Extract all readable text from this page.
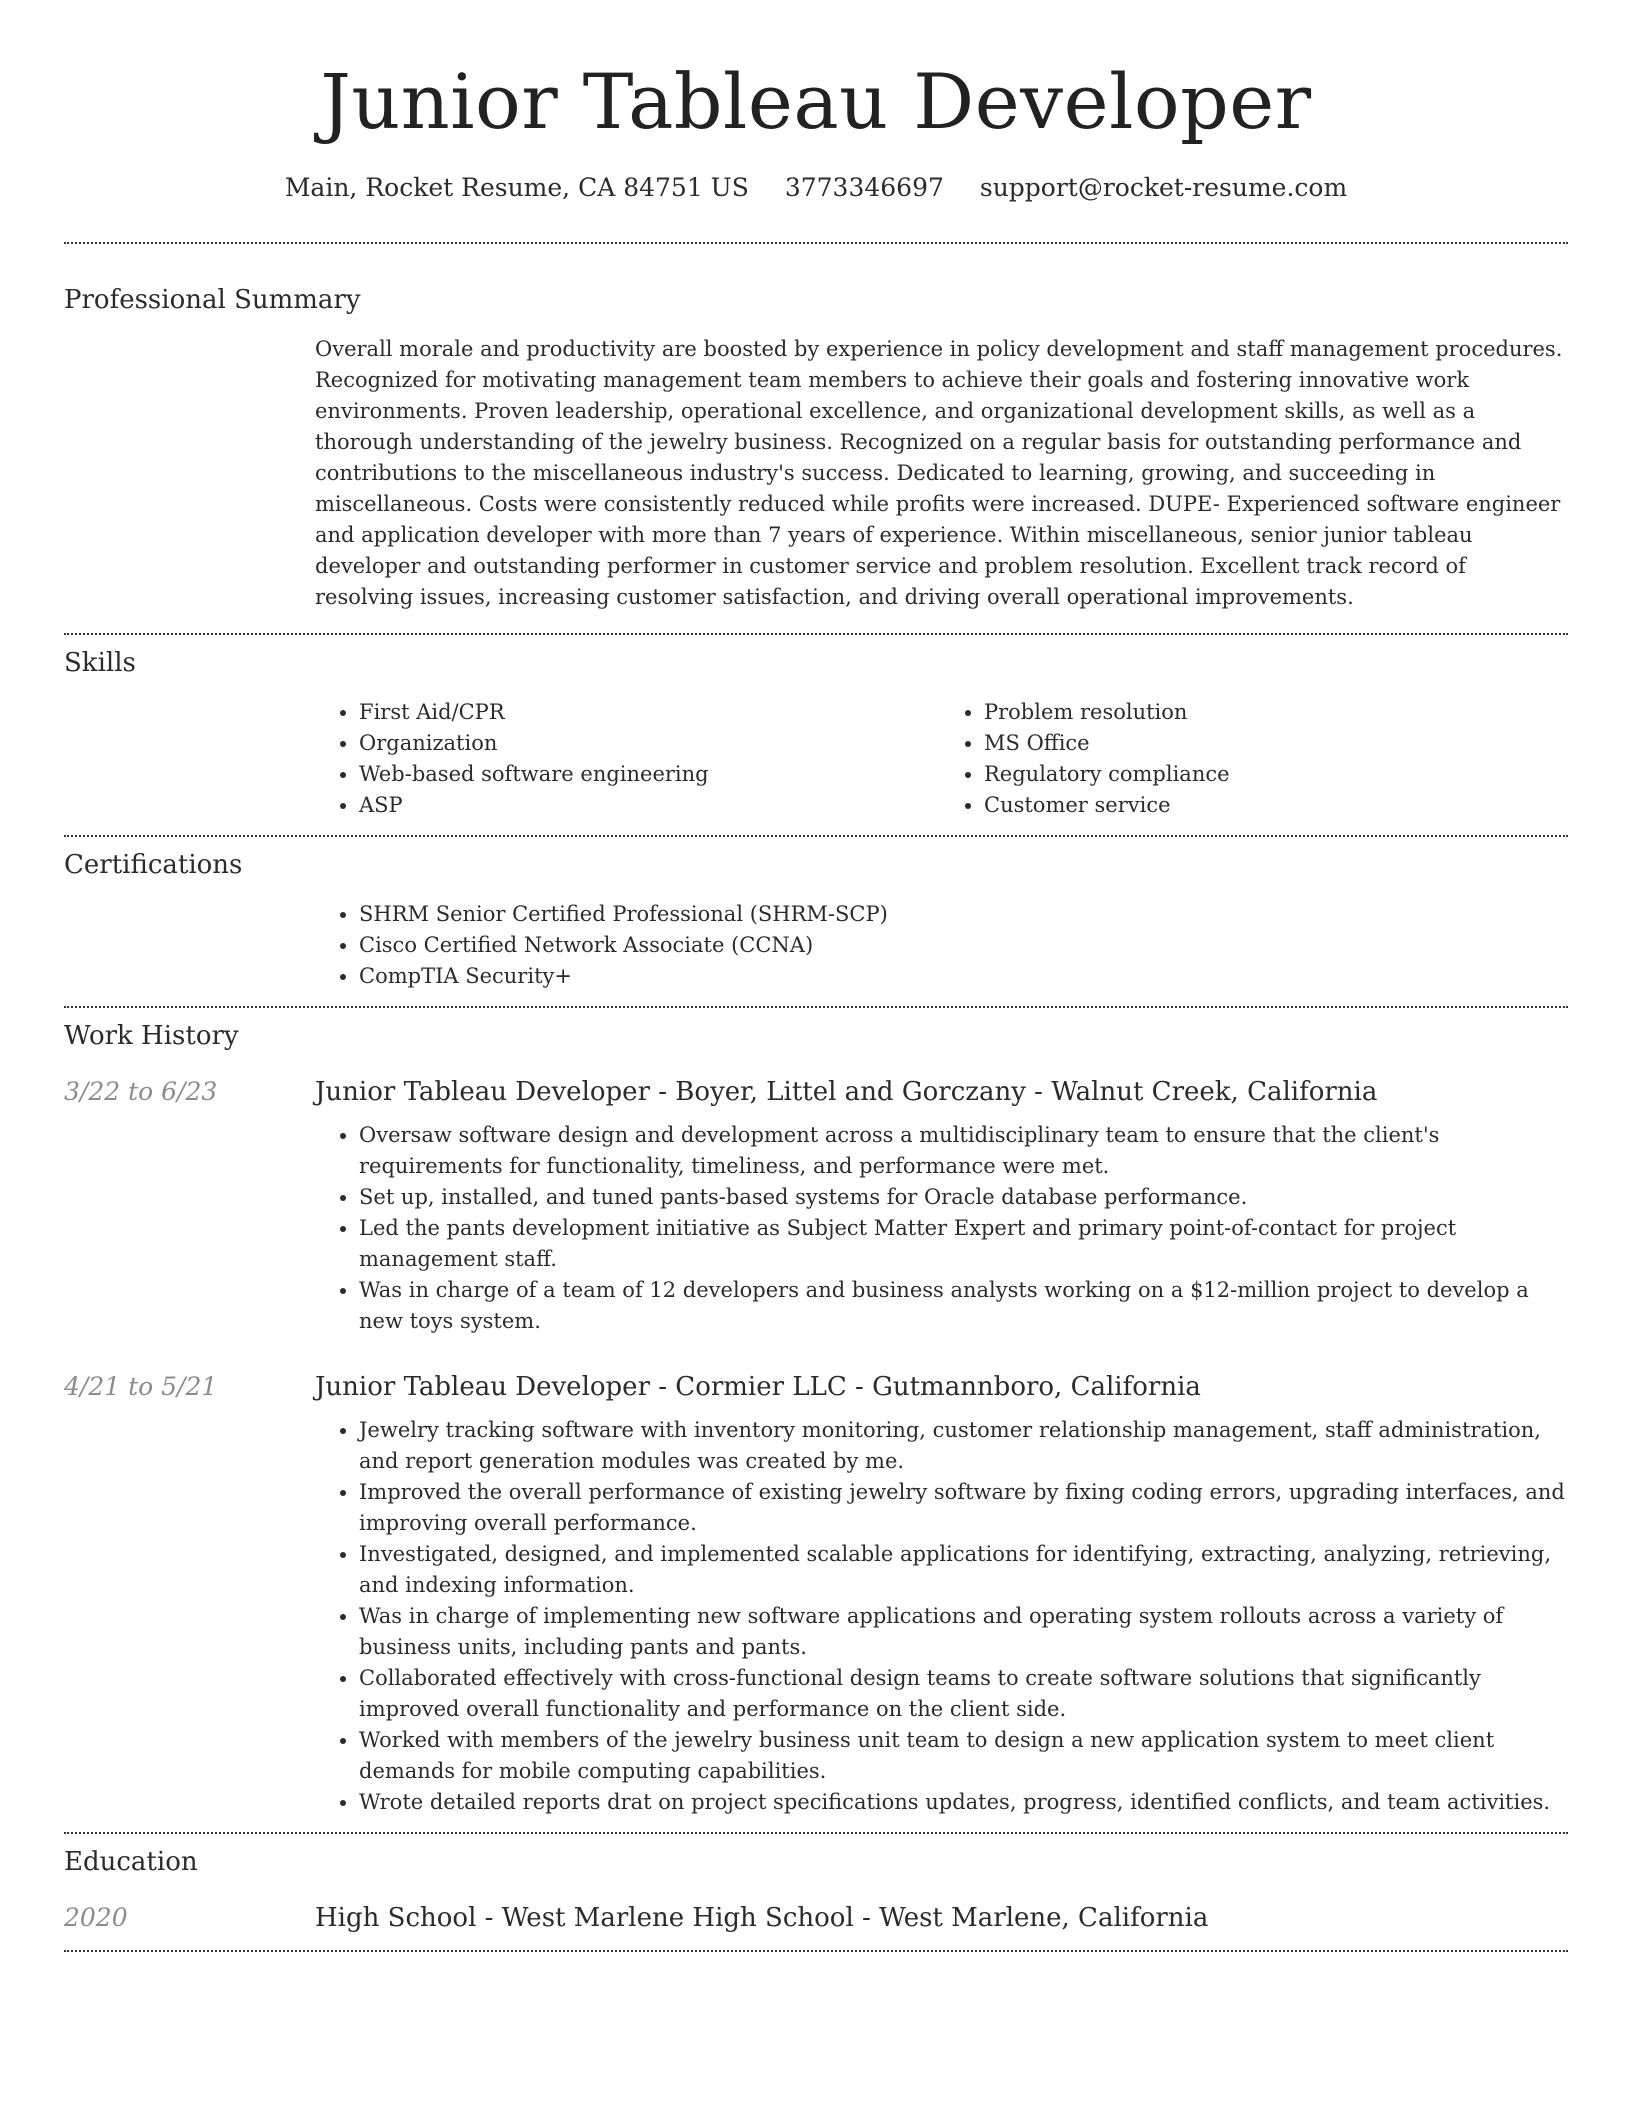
Junior Tableau Developer
Main, Rocket Resume, CA 84751 US 3773346697 support@rocket-resume.com
Professional Summary
Overall morale and productivity are boosted by experience in policy development and staff management procedures. Recognized for motivating management team members to achieve their goals and fostering innovative work environments. Proven leadership, operational excellence, and organizational development skills, as well as a thorough understanding of the jewelry business. Recognized on a regular basis for outstanding performance and contributions to the miscellaneous industry's success. Dedicated to learning, growing, and succeeding in miscellaneous. Costs were consistently reduced while profits were increased. DUPE- Experienced software engineer and application developer with more than 7 years of experience. Within miscellaneous, senior junior tableau developer and outstanding performer in customer service and problem resolution. Excellent track record of resolving issues, increasing customer satisfaction, and driving overall operational improvements.
Skills
• First Aid/CPR
• Organization
• Web-based software engineering
• ASP
• Problem resolution
• MS Office
• Regulatory compliance
• Customer service
Certifications
• SHRM Senior Certified Professional (SHRM-SCP)
• Cisco Certified Network Associate (CCNA)
• CompTIA Security+
Work History
3/22 to 6/23	Junior Tableau Developer - Boyer, Littel and Gorczany - Walnut Creek, California
• Oversaw software design and development across a multidisciplinary team to ensure that the client's requirements for functionality, timeliness, and performance were met.
• Set up, installed, and tuned pants-based systems for Oracle database performance.
• Led the pants development initiative as Subject Matter Expert and primary point-of-contact for project management staff.
• Was in charge of a team of 12 developers and business analysts working on a $12-million project to develop a new toys system.
4/21 to 5/21	Junior Tableau Developer - Cormier LLC - Gutmannboro, California
• Jewelry tracking software with inventory monitoring, customer relationship management, staff administration, and report generation modules was created by me.
• Improved the overall performance of existing jewelry software by fixing coding errors, upgrading interfaces, and improving overall performance.
• Investigated, designed, and implemented scalable applications for identifying, extracting, analyzing, retrieving, and indexing information.
• Was in charge of implementing new software applications and operating system rollouts across a variety of business units, including pants and pants.
• Collaborated effectively with cross-functional design teams to create software solutions that significantly improved overall functionality and performance on the client side.
• Worked with members of the jewelry business unit team to design a new application system to meet client demands for mobile computing capabilities.
• Wrote detailed reports drat on project specifications updates, progress, identified conflicts, and team activities.
Education
2020	High School - West Marlene High School - West Marlene, California
